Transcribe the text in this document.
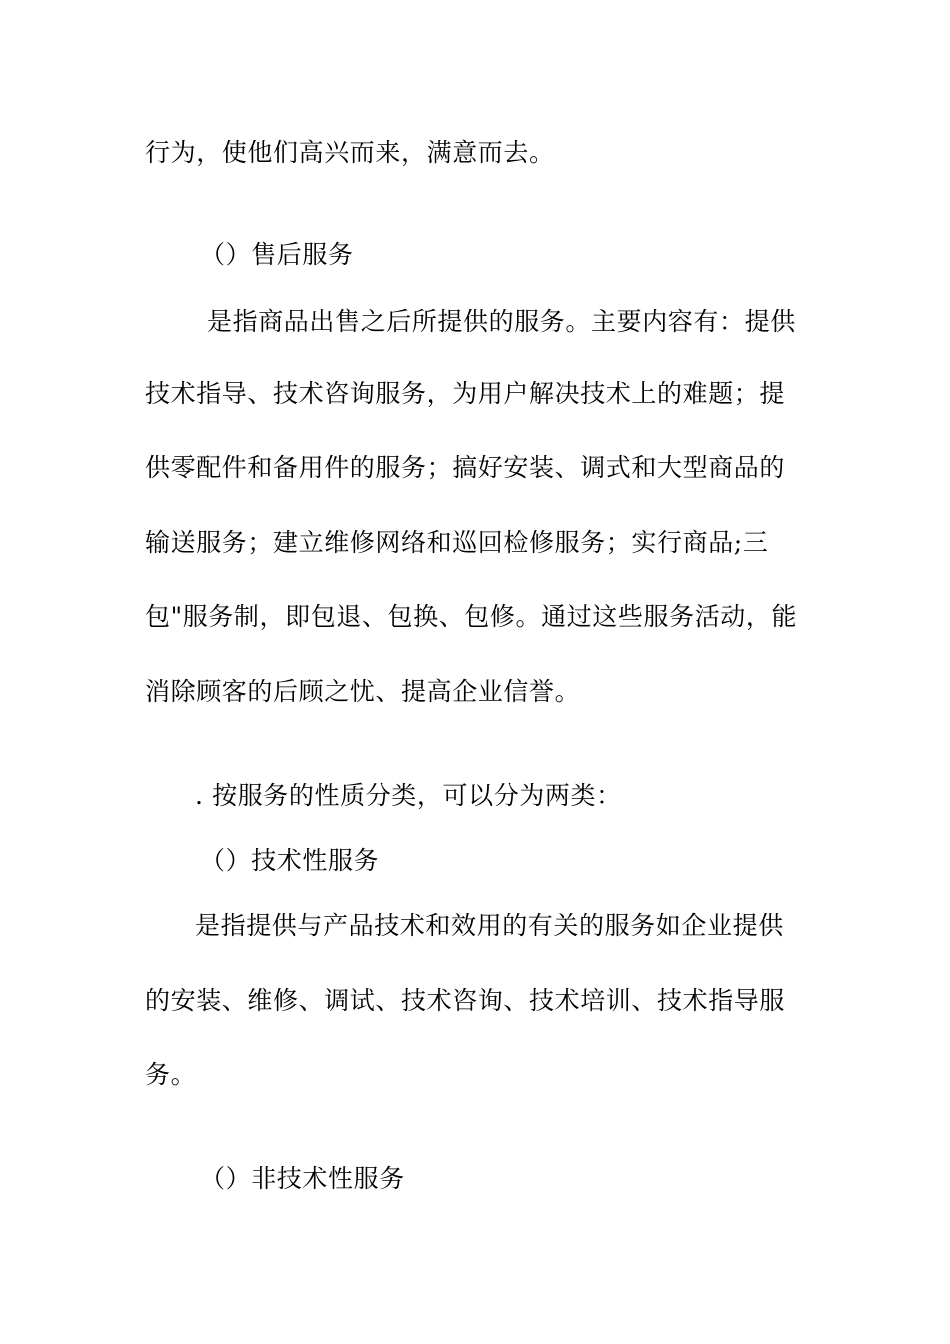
行为，使他们高兴而来，满意而去。
（）售后服务
是指商品出售之后所提供的服务。主要内容有：提供
技术指导、技术咨询服务，为用户解决技术上的难题；提
供零配件和备用件的服务；搞好安装、调式和大型商品的
输送服务；建立维修网络和巡回检修服务；实行商品;三
包"服务制，即包退、包换、包修。通过这些服务活动，能
消除顾客的后顾之忧、提高企业信誉。
. 按服务的性质分类，可以分为两类：
（）技术性服务
是指提供与产品技术和效用的有关的服务如企业提供
的安装、维修、调试、技术咨询、技术培训、技术指导服
务。
（）非技术性服务
